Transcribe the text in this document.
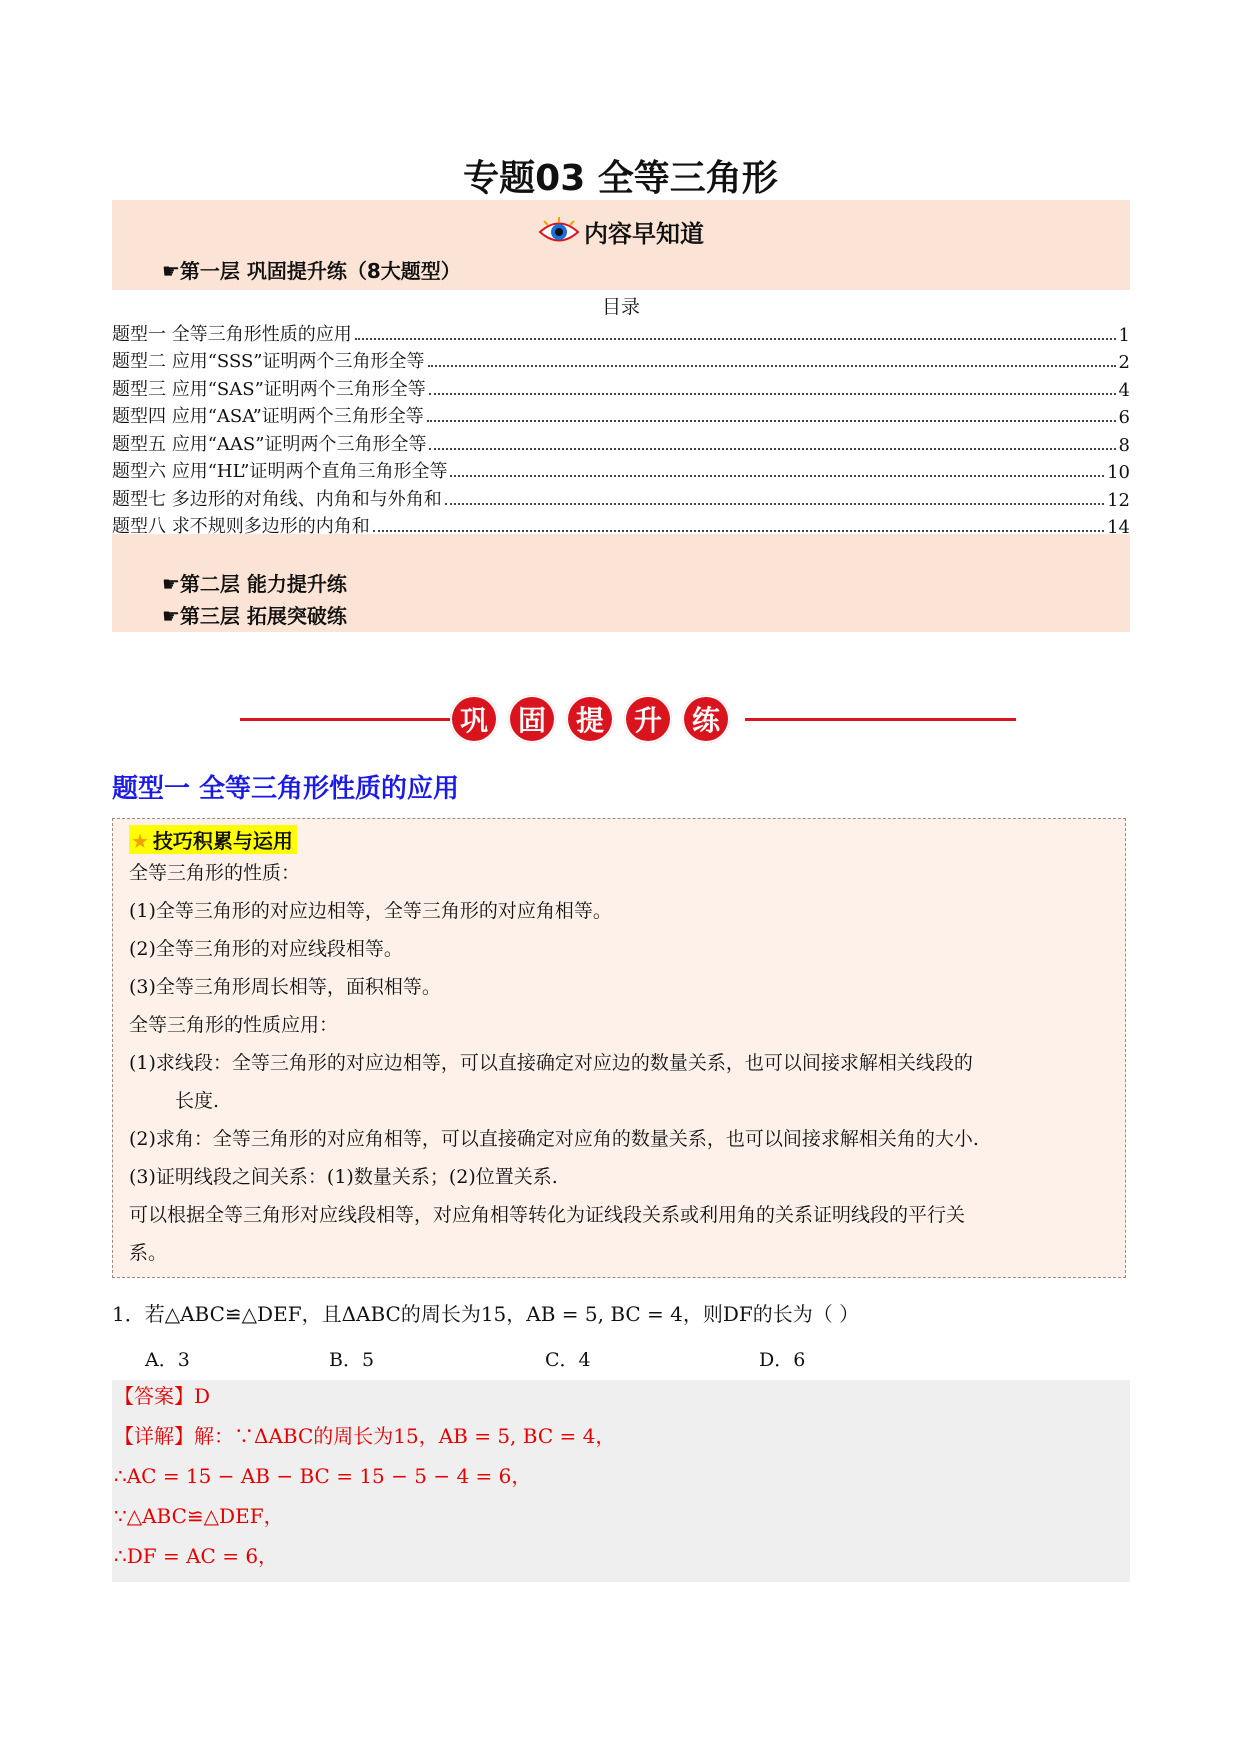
专题03 全等三角形
内容早知道
☛第一层 巩固提升练（8大题型）
目录
题型一 全等三角形性质的应用	1
题型二 应用“SSS”证明两个三角形全等	2
题型三 应用“SAS”证明两个三角形全等	4
题型四 应用“ASA”证明两个三角形全等	6
题型五 应用“AAS”证明两个三角形全等	8
题型六 应用“HL”证明两个直角三角形全等	10
题型七 多边形的对角线、内角和与外角和	12
题型八 求不规则多边形的内角和	14
☛第二层 能力提升练
☛第三层 拓展突破练
巩	固	提	升	练
题型一 全等三角形性质的应用
★ 技巧积累与运用

全等三角形的性质：

(1)全等三角形的对应边相等，全等三角形的对应角相等。

(2)全等三角形的对应线段相等。

(3)全等三角形周长相等，面积相等。

全等三角形的性质应用：

(1)求线段：全等三角形的对应边相等，可以直接确定对应边的数量关系，也可以间接求解相关线段的

长度.

(2)求角：全等三角形的对应角相等，可以直接确定对应角的数量关系，也可以间接求解相关角的大小.

(3)证明线段之间关系：(1)数量关系；(2)位置关系.

可以根据全等三角形对应线段相等，对应角相等转化为证线段关系或利用角的关系证明线段的平行关

系。

1．若△ABC≌△DEF，且ΔABC的周长为15，AB = 5, BC = 4，则DF的长为（ ）
A．3	B．5	C．4	D．6
【答案】D
【详解】解：∵ΔABC的周长为15，AB = 5, BC = 4，
∴AC = 15 − AB − BC = 15 − 5 − 4 = 6，
∵△ABC≌△DEF，
∴DF = AC = 6，
